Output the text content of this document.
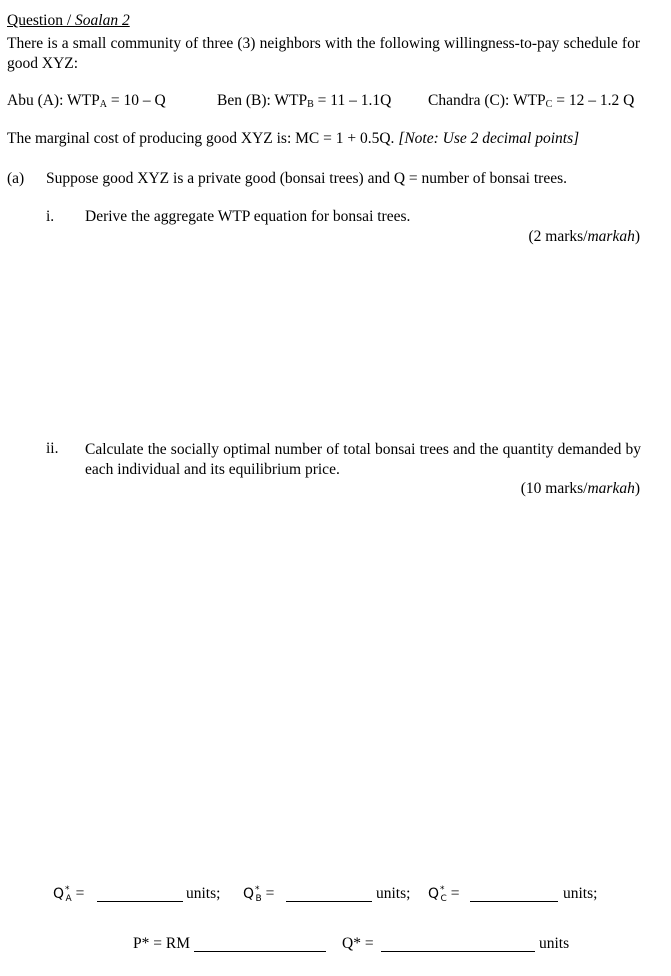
Question / Soalan 2
There is a small community of three (3) neighbors with the following willingness-to-pay schedule for good XYZ:
Abu (A): $WTP_A = 10 - Q$	Ben (B): $WTP_B = 11 - 1.1Q$ Chandra (C): $WTP_C = 12 - 1.2$ Q
The marginal cost of producing good XYZ is: MC = 1 + 0.5Q. [Note: Use 2 decimal points]
(a) Suppose good XYZ is a private good (bonsai trees) and Q = number of bonsai trees.
i. Derive the aggregate WTP equation for bonsai trees.
(2 marks/markah)
ii. Calculate the socially optimal number of total bonsai trees and the quantity demanded by each individual and its equilibrium price.
(10 marks/markah)
$Q^*_A$ =	units; $Q^*_B$ =	units; $Q^*_C$ =	units;
P* = RM	Q* =	units
